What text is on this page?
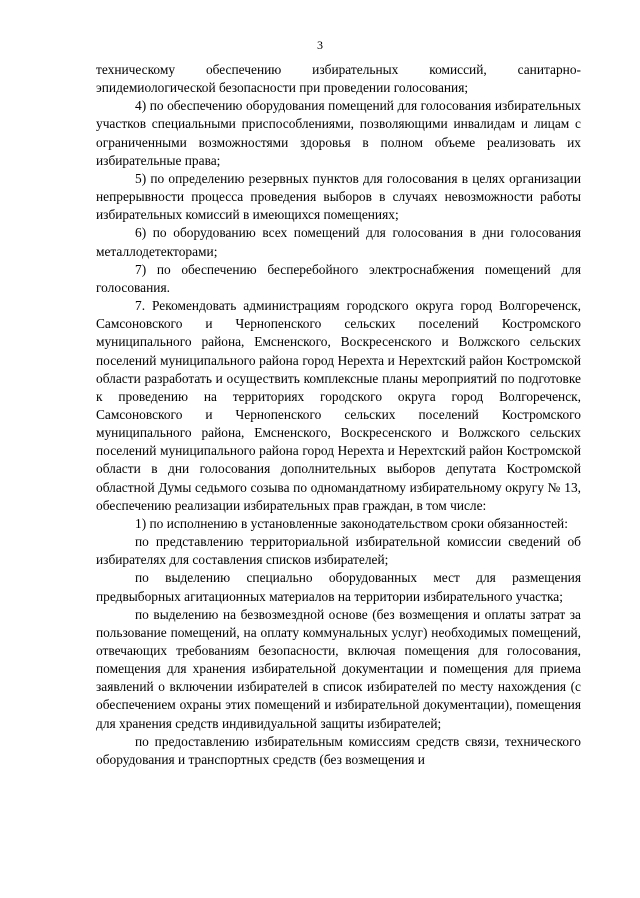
3

техническому обеспечению избирательных комиссий, санитарно-эпидемиологической безопасности при проведении голосования;

4) по обеспечению оборудования помещений для голосования избирательных участков специальными приспособлениями, позволяющими инвалидам и лицам с ограниченными возможностями здоровья в полном объеме реализовать их избирательные права;

5) по определению резервных пунктов для голосования в целях организации непрерывности процесса проведения выборов в случаях невозможности работы избирательных комиссий в имеющихся помещениях;

6) по оборудованию всех помещений для голосования в дни голосования металлодетекторами;

7) по обеспечению бесперебойного электроснабжения помещений для голосования.

7. Рекомендовать администрациям городского округа город Волгореченск, Самсоновского и Чернопенского сельских поселений Костромского муниципального района, Емсненского, Воскресенского и Волжского сельских поселений муниципального района город Нерехта и Нерехтский район Костромской области разработать и осуществить комплексные планы мероприятий по подготовке к проведению на территориях городского округа город Волгореченск, Самсоновского и Чернопенского сельских поселений Костромского муниципального района, Емсненского, Воскресенского и Волжского сельских поселений муниципального района город Нерехта и Нерехтский район Костромской области в дни голосования дополнительных выборов депутата Костромской областной Думы седьмого созыва по одномандатному избирательному округу № 13, обеспечению реализации избирательных прав граждан, в том числе:

1) по исполнению в установленные законодательством сроки обязанностей:

по представлению территориальной избирательной комиссии сведений об избирателях для составления списков избирателей;

по выделению специально оборудованных мест для размещения предвыборных агитационных материалов на территории избирательного участка;

по выделению на безвозмездной основе (без возмещения и оплаты затрат за пользование помещений, на оплату коммунальных услуг) необходимых помещений, отвечающих требованиям безопасности, включая помещения для голосования, помещения для хранения избирательной документации и помещения для приема заявлений о включении избирателей в список избирателей по месту нахождения (с обеспечением охраны этих помещений и избирательной документации), помещения для хранения средств индивидуальной защиты избирателей;

по предоставлению избирательным комиссиям средств связи, технического оборудования и транспортных средств (без возмещения и
